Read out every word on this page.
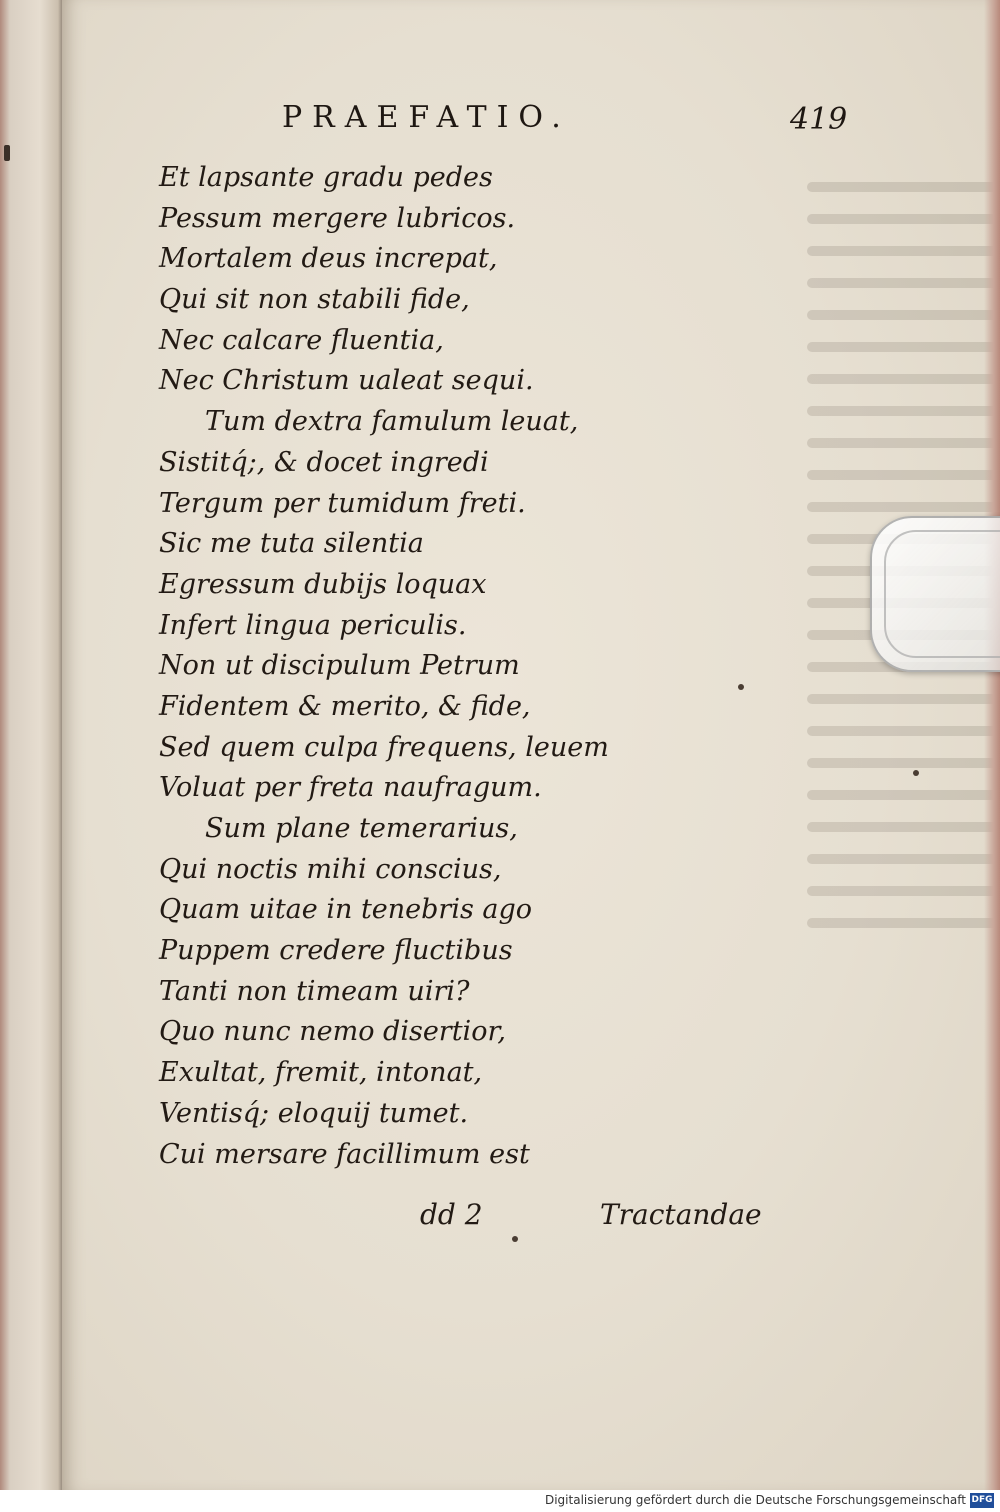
PRAEFATIO.	419
Et lapsante gradu pedes
Pessum mergere lubricos.
Mortalem deus increpat,
Qui sit non stabili fide,
Nec calcare fluentia,
Nec Christum ualeat sequi.
Tum dextra famulum leuat,
Sistitq́;, & docet ingredi
Tergum per tumidum freti.
Sic me tuta silentia
Egressum dubijs loquax
Infert lingua periculis.
Non ut discipulum Petrum
Fidentem & merito, & fide,
Sed quem culpa frequens, leuem
Voluat per freta naufragum.
Sum plane temerarius,
Qui noctis mihi conscius,
Quam uitae in tenebris ago
Puppem credere fluctibus
Tanti non timeam uiri?
Quo nunc nemo disertior,
Exultat, fremit, intonat,
Ventisq́; eloquij tumet.
Cui mersare facillimum est
dd 2	Tractandae
Digitalisierung gefördert durch die Deutsche Forschungsgemeinschaft DFG
